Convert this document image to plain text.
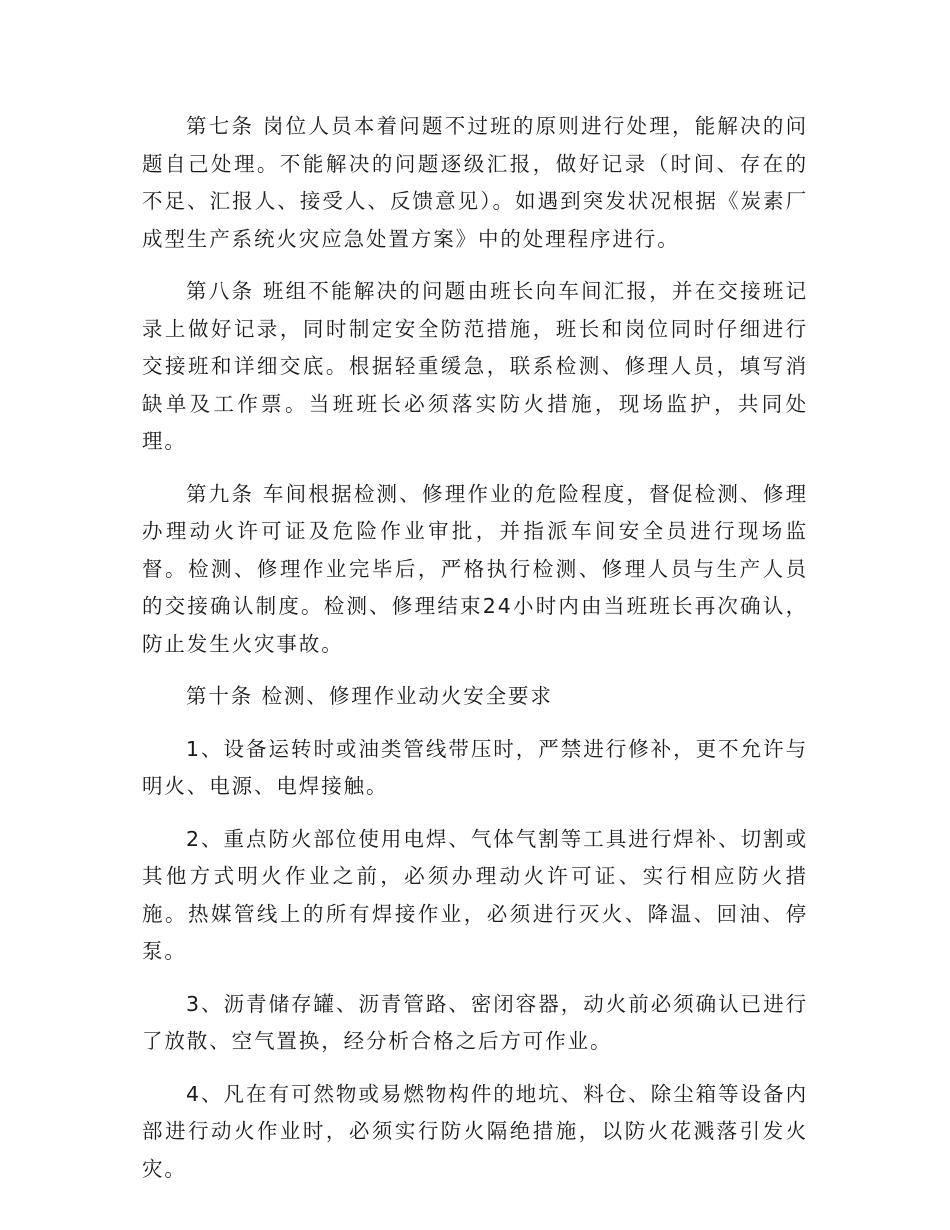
第七条 岗位人员本着问题不过班的原则进行处理，能解决的问题自己处理。不能解决的问题逐级汇报，做好记录（时间、存在的不足、汇报人、接受人、反馈意见）。如遇到突发状况根据《炭素厂成型生产系统火灾应急处置方案》中的处理程序进行。

第八条 班组不能解决的问题由班长向车间汇报，并在交接班记录上做好记录，同时制定安全防范措施，班长和岗位同时仔细进行交接班和详细交底。根据轻重缓急，联系检测、修理人员，填写消缺单及工作票。当班班长必须落实防火措施，现场监护，共同处理。

第九条 车间根据检测、修理作业的危险程度，督促检测、修理办理动火许可证及危险作业审批，并指派车间安全员进行现场监督。检测、修理作业完毕后，严格执行检测、修理人员与生产人员的交接确认制度。检测、修理结束24小时内由当班班长再次确认，防止发生火灾事故。

第十条 检测、修理作业动火安全要求

1、设备运转时或油类管线带压时，严禁进行修补，更不允许与明火、电源、电焊接触。

2、重点防火部位使用电焊、气体气割等工具进行焊补、切割或其他方式明火作业之前，必须办理动火许可证、实行相应防火措施。热媒管线上的所有焊接作业，必须进行灭火、降温、回油、停泵。

3、沥青储存罐、沥青管路、密闭容器，动火前必须确认已进行了放散、空气置换，经分析合格之后方可作业。

4、凡在有可然物或易燃物构件的地坑、料仓、除尘箱等设备内部进行动火作业时，必须实行防火隔绝措施，以防火花溅落引发火灾。
